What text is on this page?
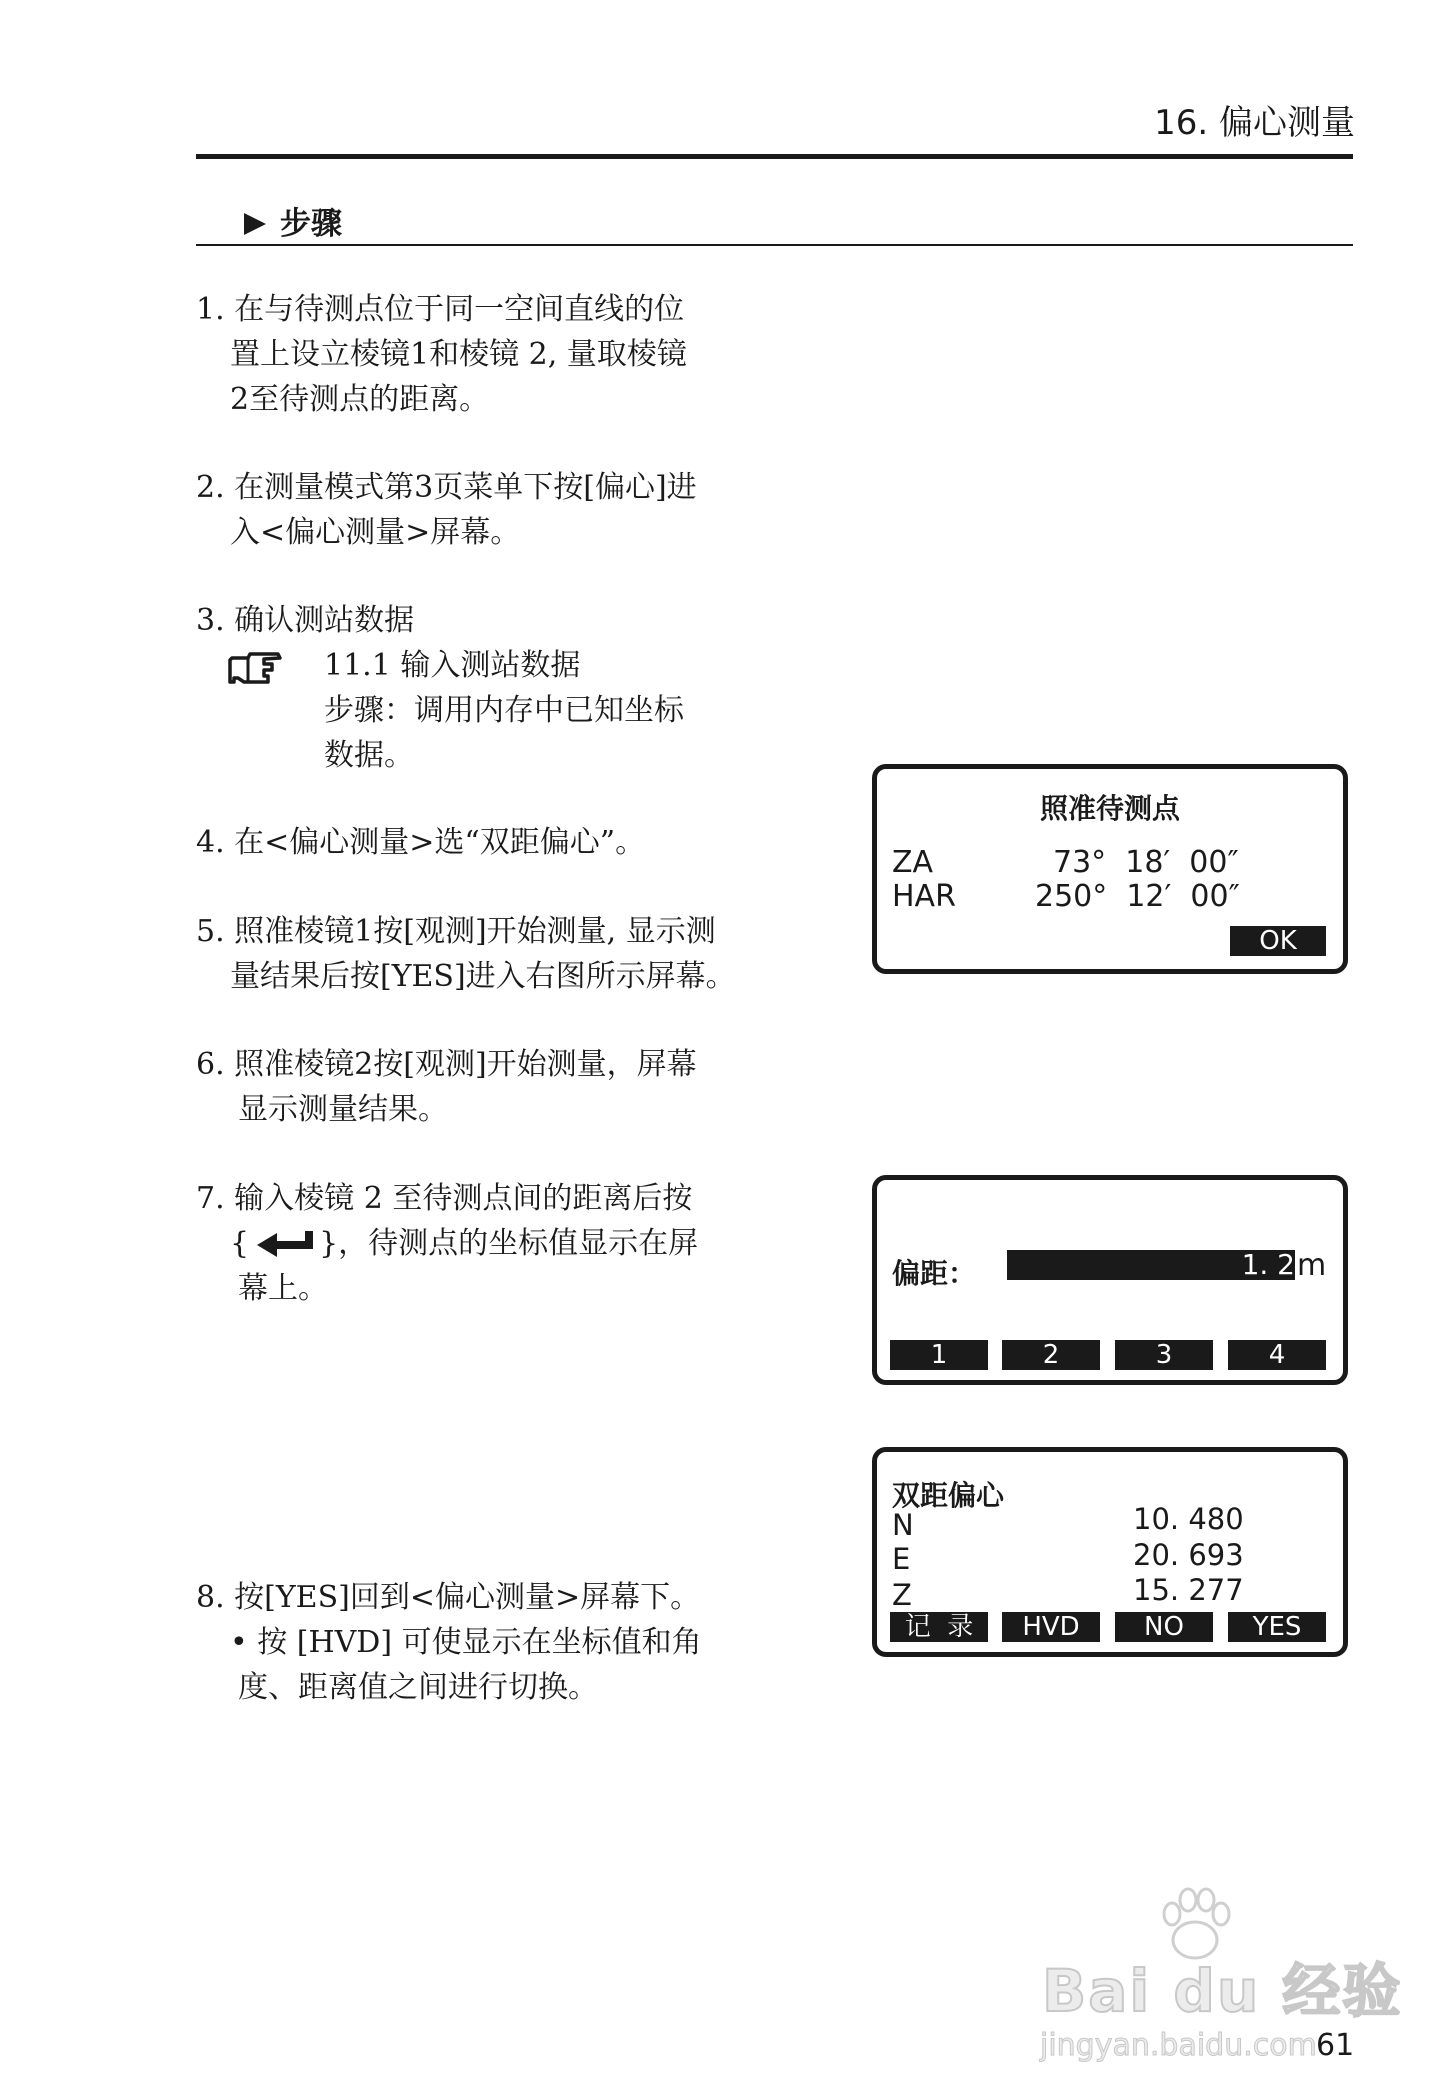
16. 偏心测量
步骤
1. 在与待测点位于同一空间直线的位
置上设立棱镜1和棱镜 2, 量取棱镜
2至待测点的距离。
2. 在测量模式第3页菜单下按[偏心]进
入<偏心测量>屏幕。
3. 确认测站数据
11.1 输入测站数据
步骤：调用内存中已知坐标
数据。
4. 在<偏心测量>选“双距偏心”。
5. 照准棱镜1按[观测]开始测量, 显示测
量结果后按[YES]进入右图所示屏幕。
6. 照准棱镜2按[观测]开始测量，屏幕
显示测量结果。
7. 输入棱镜 2 至待测点间的距离后按
{ }，待测点的坐标值显示在屏
幕上。
8. 按[YES]回到<偏心测量>屏幕下。
• 按 [HVD] 可使显示在坐标值和角
度、距离值之间进行切换。
照准待测点
ZA	73°  18′  00″
HAR	250°  12′  00″
OK
偏距：	1. 2 m
1	2	3	4
双距偏心
N	10. 480
E	20. 693
Z	15. 277
记  录	HVD	NO	YES
Bai du 经验
jingyan.baidu.com 61
